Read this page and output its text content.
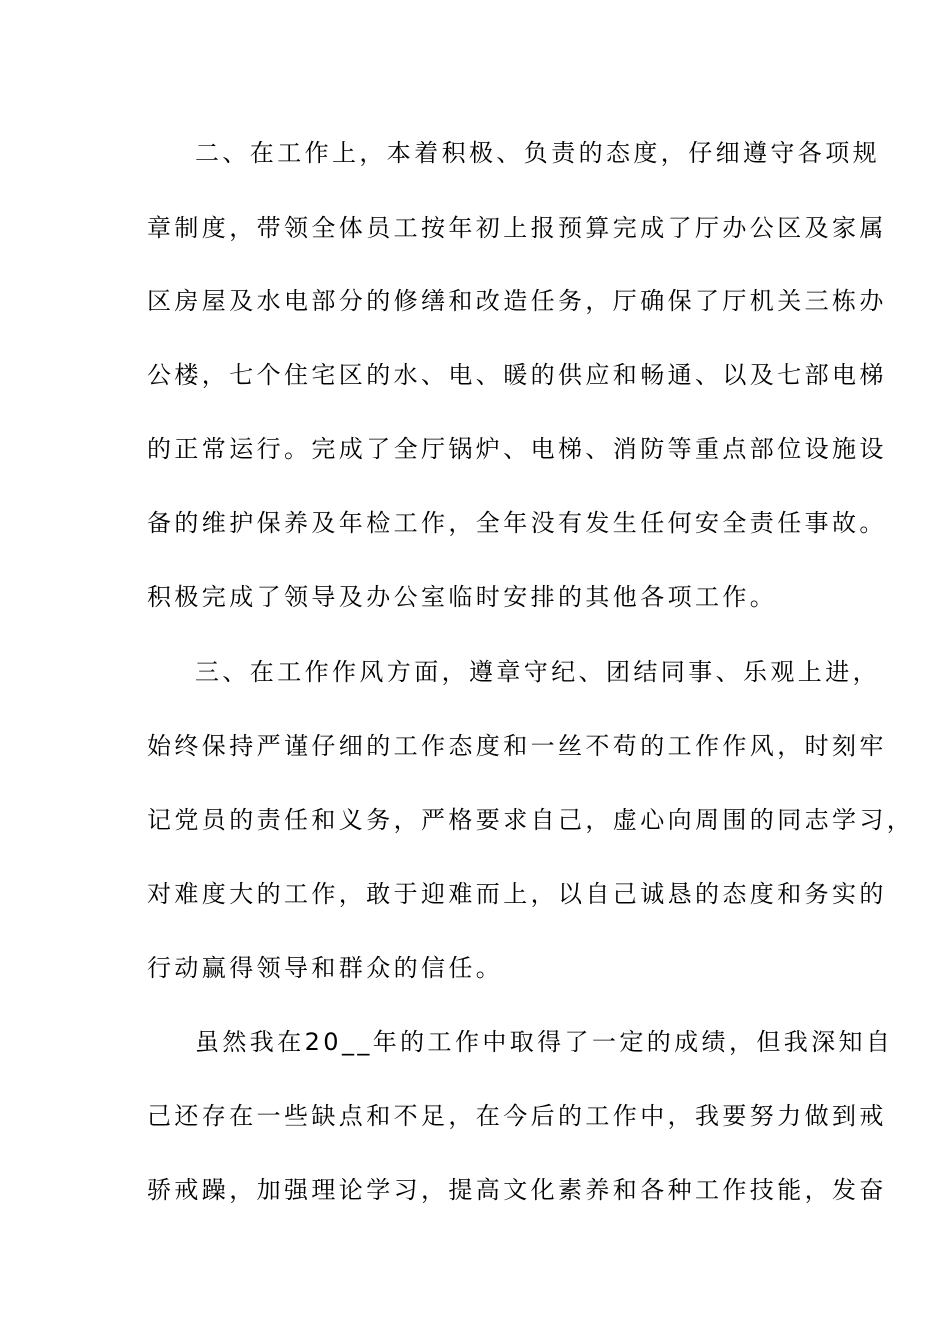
二、在工作上，本着积极、负责的态度，仔细遵守各项规
章制度，带领全体员工按年初上报预算完成了厅办公区及家属
区房屋及水电部分的修缮和改造任务，厅确保了厅机关三栋办
公楼，七个住宅区的水、电、暖的供应和畅通、以及七部电梯
的正常运行。完成了全厅锅炉、电梯、消防等重点部位设施设
备的维护保养及年检工作，全年没有发生任何安全责任事故。
积极完成了领导及办公室临时安排的其他各项工作。
三、在工作作风方面，遵章守纪、团结同事、乐观上进，
始终保持严谨仔细的工作态度和一丝不苟的工作作风，时刻牢
记党员的责任和义务，严格要求自己，虚心向周围的同志学习，
对难度大的工作，敢于迎难而上，以自己诚恳的态度和务实的
行动赢得领导和群众的信任。
虽然我在20__年的工作中取得了一定的成绩，但我深知自
己还存在一些缺点和不足，在今后的工作中，我要努力做到戒
骄戒躁，加强理论学习，提高文化素养和各种工作技能，发奋
